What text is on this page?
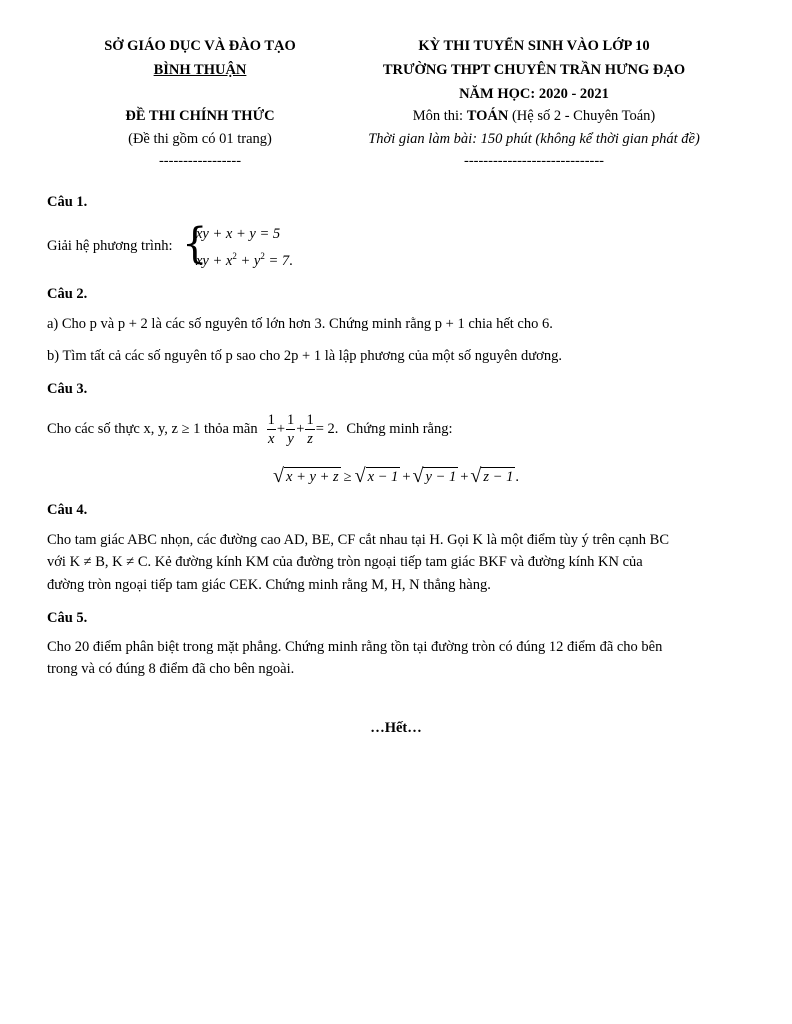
SỞ GIÁO DỤC VÀ ĐÀO TẠO
BÌNH THUẬN
ĐỀ THI CHÍNH THỨC
(Đề thi gồm có 01 trang)
-----------------
KỲ THI TUYỂN SINH VÀO LỚP 10
TRƯỜNG THPT CHUYÊN TRẦN HƯNG ĐẠO
NĂM HỌC: 2020 - 2021
Môn thi: TOÁN (Hệ số 2 - Chuyên Toán)
Thời gian làm bài: 150 phút (không kể thời gian phát đề)
-----------------------------
Câu 1.
Giải hệ phương trình: {
xy + x + y = 5
xy + $x^2 + y^2 = 7$.
Câu 2.
a) Cho p và p + 2 là các số nguyên tố lớn hơn 3. Chứng minh rằng p + 1 chia hết cho 6.
b) Tìm tất cả các số nguyên tố p sao cho 2p + 1 là lập phương của một số nguyên dương.
Câu 3.
Cho các số thực x, y, z ≥ 1 thỏa mãn $\frac{1}{x} + \frac{1}{y} + \frac{1}{z} = 2$. Chứng minh rằng:
√ x + y + z ≥ √ x − 1 + √ y − 1 + √ z − 1 .
Câu 4.
Cho tam giác ABC nhọn, các đường cao AD, BE, CF cắt nhau tại H. Gọi K là một điểm tùy ý trên cạnh BC
với K ≠ B, K ≠ C. Kẻ đường kính KM của đường tròn ngoại tiếp tam giác BKF và đường kính KN của
đường tròn ngoại tiếp tam giác CEK. Chứng minh rằng M, H, N thẳng hàng.
Câu 5.
Cho 20 điểm phân biệt trong mặt phẳng. Chứng minh rằng tồn tại đường tròn có đúng 12 điểm đã cho bên
trong và có đúng 8 điểm đã cho bên ngoài.
…Hết…
